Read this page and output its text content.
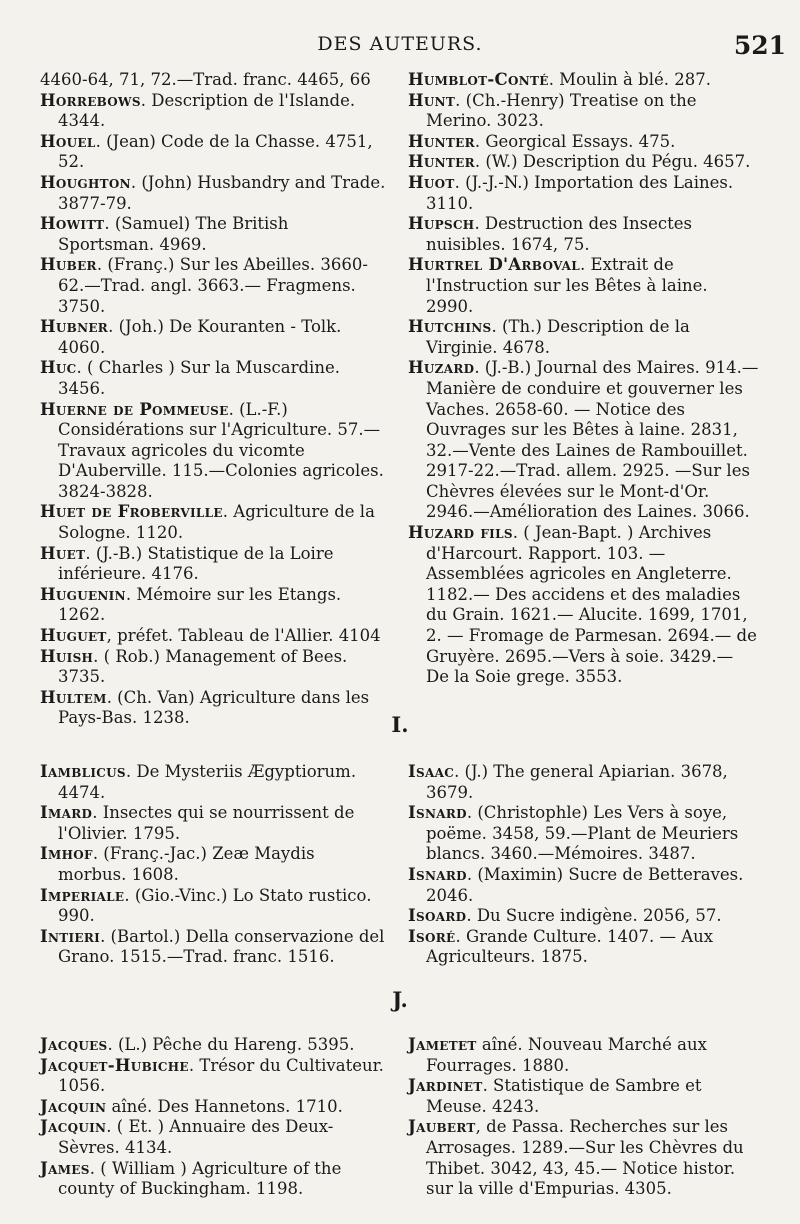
DES AUTEURS.	521

4460-64, 71, 72.—Trad. franc. 4465, 66

Horrebows. Description de l'Islande. 4344.

Houel. (Jean) Code de la Chasse. 4751, 52.

Houghton. (John) Husbandry and Trade. 3877-79.

Howitt. (Samuel) The British Sportsman. 4969.

Huber. (Franç.) Sur les Abeilles. 3660-62.—Trad. angl. 3663.— Fragmens. 3750.

Hubner. (Joh.) De Kouranten - Tolk. 4060.

Huc. ( Charles ) Sur la Muscardine. 3456.

Huerne de Pommeuse. (L.-F.) Considérations sur l'Agriculture. 57.—Travaux agricoles du vicomte D'Auberville. 115.—Colonies agricoles. 3824-3828.

Huet de Froberville. Agriculture de la Sologne. 1120.

Huet. (J.-B.) Statistique de la Loire inférieure. 4176.

Huguenin. Mémoire sur les Etangs. 1262.

Huguet, préfet. Tableau de l'Allier. 4104

Huish. ( Rob.) Management of Bees. 3735.

Hultem. (Ch. Van) Agriculture dans les Pays-Bas. 1238.

Humblot-Conté. Moulin à blé. 287.

Hunt. (Ch.-Henry) Treatise on the Merino. 3023.

Hunter. Georgical Essays. 475.

Hunter. (W.) Description du Pégu. 4657.

Huot. (J.-J.-N.) Importation des Laines. 3110.

Hupsch. Destruction des Insectes nuisibles. 1674, 75.

Hurtrel D'Arboval. Extrait de l'Instruction sur les Bêtes à laine. 2990.

Hutchins. (Th.) Description de la Virginie. 4678.

Huzard. (J.-B.) Journal des Maires. 914.—Manière de conduire et gouverner les Vaches. 2658-60. — Notice des Ouvrages sur les Bêtes à laine. 2831, 32.—Vente des Laines de Rambouillet. 2917-22.—Trad. allem. 2925. —Sur les Chèvres élevées sur le Mont-d'Or. 2946.—Amélioration des Laines. 3066.

Huzard fils. ( Jean-Bapt. ) Archives d'Harcourt. Rapport. 103. — Assemblées agricoles en Angleterre. 1182.— Des accidens et des maladies du Grain. 1621.— Alucite. 1699, 1701, 2. — Fromage de Parmesan. 2694.— de Gruyère. 2695.—Vers à soie. 3429.— De la Soie grege. 3553.

I.

Iamblicus. De Mysteriis Ægyptiorum. 4474.

Imard. Insectes qui se nourrissent de l'Olivier. 1795.

Imhof. (Franç.-Jac.) Zeæ Maydis morbus. 1608.

Imperiale. (Gio.-Vinc.) Lo Stato rustico. 990.

Intieri. (Bartol.) Della conservazione del Grano. 1515.—Trad. franc. 1516.

Isaac. (J.) The general Apiarian. 3678, 3679.

Isnard. (Christophle) Les Vers à soye, poëme. 3458, 59.—Plant de Meuriers blancs. 3460.—Mémoires. 3487.

Isnard. (Maximin) Sucre de Betteraves. 2046.

Isoard. Du Sucre indigène. 2056, 57.

Isoré. Grande Culture. 1407. — Aux Agriculteurs. 1875.

J.

Jacques. (L.) Pêche du Hareng. 5395.

Jacquet-Hubiche. Trésor du Cultivateur. 1056.

Jacquin aîné. Des Hannetons. 1710.

Jacquin. ( Et. ) Annuaire des Deux-Sèvres. 4134.

James. ( William ) Agriculture of the county of Buckingham. 1198.

Jametet aîné. Nouveau Marché aux Fourrages. 1880.

Jardinet. Statistique de Sambre et Meuse. 4243.

Jaubert, de Passa. Recherches sur les Arrosages. 1289.—Sur les Chèvres du Thibet. 3042, 43, 45.— Notice histor. sur la ville d'Empurias. 4305.
